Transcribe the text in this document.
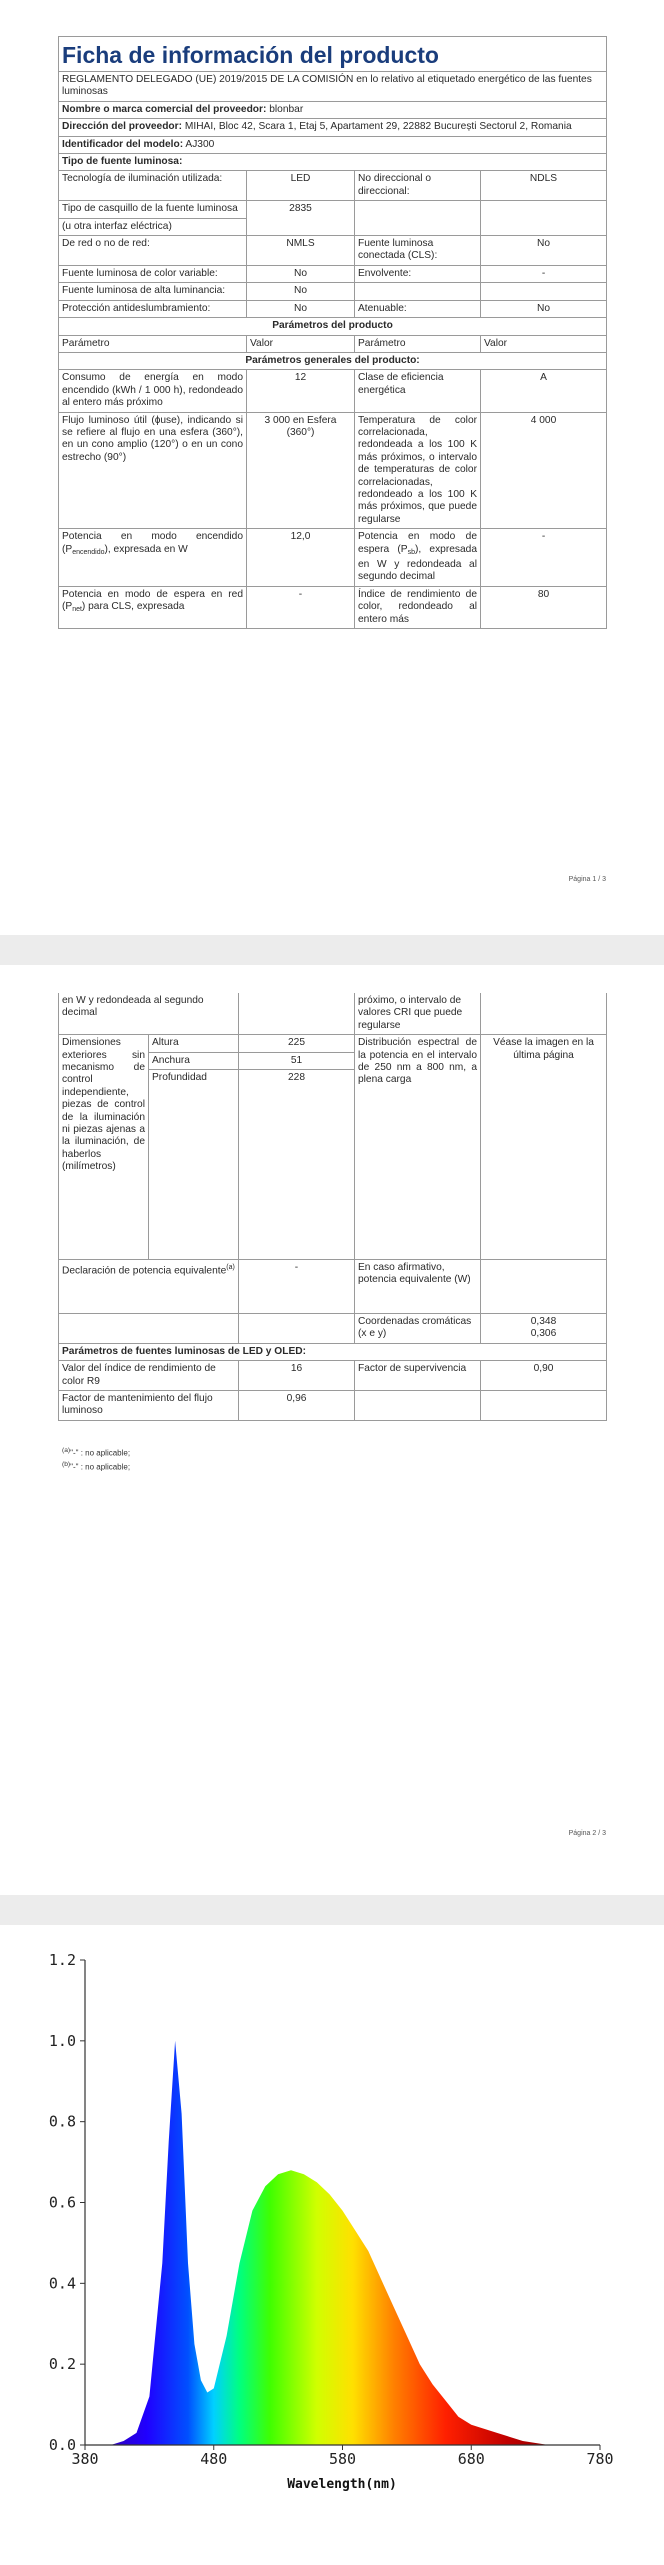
Ficha de información del producto			
REGLAMENTO DELEGADO (UE) 2019/2015 DE LA COMISIÓN en lo relativo al etiquetado energético de las fuentes luminosas			
Nombre o marca comercial del proveedor: blonbar			
Dirección del proveedor: MIHAI, Bloc 42, Scara 1, Etaj 5, Apartament 29, 22882 București Sectorul 2, Romania			
Identificador del modelo: AJ300			
Tipo de fuente luminosa:			
Tecnología de iluminación utilizada:	LED	No direccional o direccional:	NDLS

Tipo de casquillo de la fuente luminosa
(u otra interfaz eléctrica)	2835		
De red o no de red:	NMLS	Fuente luminosa conectada (CLS):	No
Fuente luminosa de color variable:	No	Envolvente:	-
Fuente luminosa de alta luminancia:	No		
Protección antideslumbramiento:	No	Atenuable:	No
Parámetros del producto			
Parámetro	Valor	Parámetro	Valor
Parámetros generales del producto:			
Consumo de energía en modo encendido (kWh / 1 000 h), redondeado al entero más próximo	12	Clase de eficiencia energética	A
Flujo luminoso útil (ɸuse), indicando si se refiere al flujo en una esfera (360°), en un cono amplio (120°) o en un cono estrecho (90°)	3 000 en Esfera (360°)	Temperatura de color correlacionada, redondeada a los 100 K más próximos, o intervalo de temperaturas de color correlacionadas, redondeado a los 100 K más próximos, que puede regularse	4 000
Potencia en modo encendido $(P_{encendido})$, expresada en W	12,0	Potencia en modo de espera $(P_{sb})$, expresada en W y redondeada al segundo decimal	-
Potencia en modo de espera en red $(P_{net})$ para CLS, expresada	-	Índice de rendimiento de color, redondeado al entero más	80
Página 1 / 3
en W y redondeada al segundo decimal			próximo, o intervalo de valores CRI que puede regularse	
Dimensiones exteriores sin mecanismo de control independiente, piezas de control de la iluminación ni piezas ajenas a la iluminación, de haberlos (milímetros)	Altura	225	Distribución espectral de la potencia en el intervalo de 250 nm a 800 nm, a plena carga	Véase la imagen en la última página
	Anchura	51		
	Profundidad	228		
Declaración de potencia equivalente$^{(a)}$		-	En caso afirmativo, potencia equivalente (W)	
			Coordenadas cromáticas (x e y)	0,348
0,306

Parámetros de fuentes luminosas de LED y OLED:				
Valor del índice de rendimiento de color R9		16	Factor de supervivencia	0,90
Factor de mantenimiento del flujo luminoso		0,96		
$^{(a)}$"-" : no aplicable;
$^{(b)}$"-" : no aplicable;
Página 2 / 3
380	480	580	680	780
0.0
0.2
0.4
0.6
0.8
1.0
1.2
Wavelength(nm)
